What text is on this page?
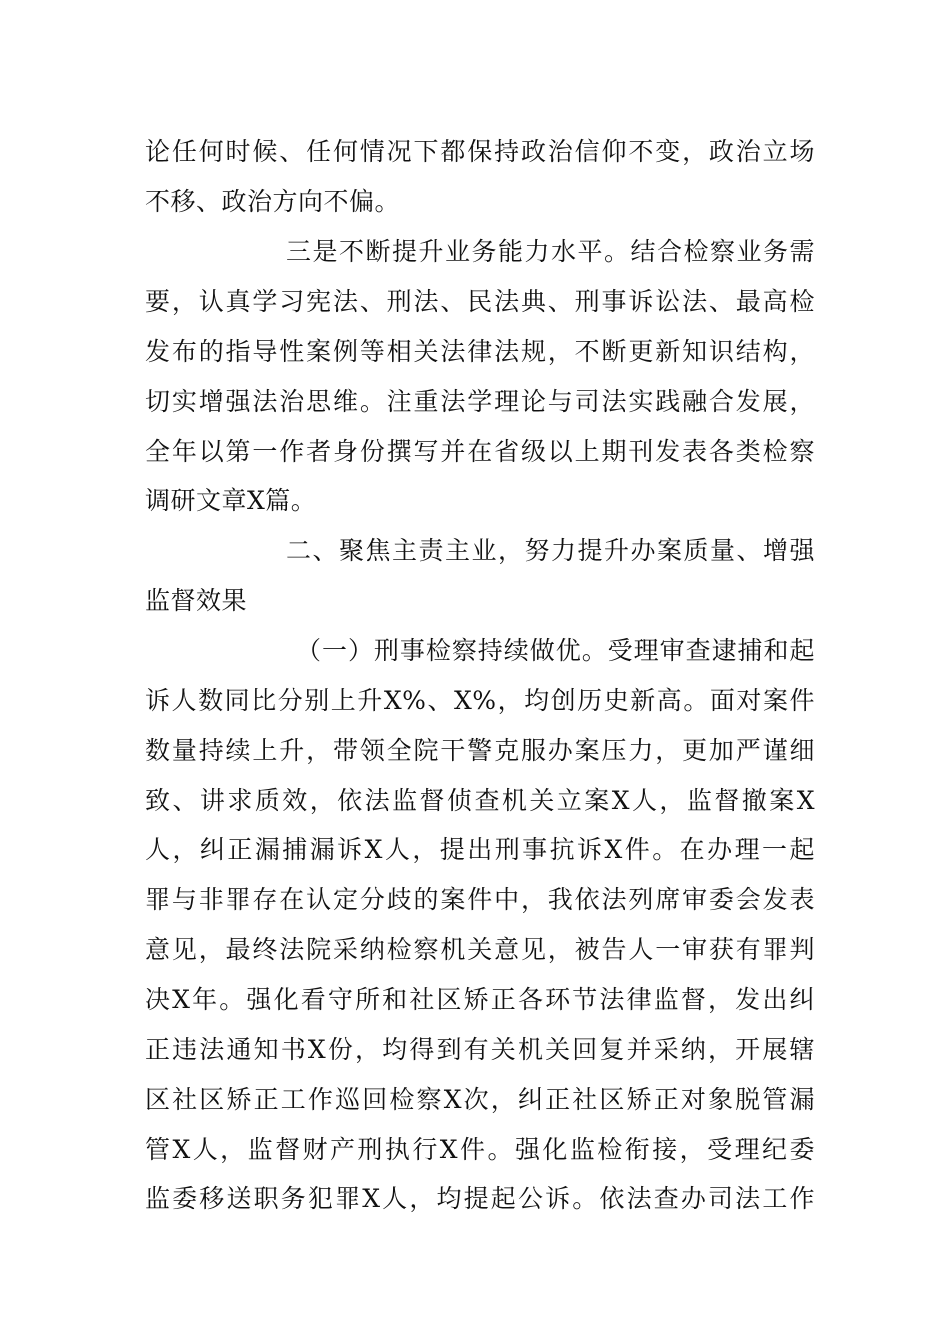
论任何时候、任何情况下都保持政治信仰不变，政治立场
不移、政治方向不偏。
三是不断提升业务能力水平。结合检察业务需
要，认真学习宪法、刑法、民法典、刑事诉讼法、最高检
发布的指导性案例等相关法律法规，不断更新知识结构，
切实增强法治思维。注重法学理论与司法实践融合发展，
全年以第一作者身份撰写并在省级以上期刊发表各类检察
调研文章X篇。
二、聚焦主责主业，努力提升办案质量、增强
监督效果
（一）刑事检察持续做优。受理审查逮捕和起
诉人数同比分别上升X%、X%，均创历史新高。面对案件
数量持续上升，带领全院干警克服办案压力，更加严谨细
致、讲求质效，依法监督侦查机关立案X人，监督撤案X
人，纠正漏捕漏诉X人，提出刑事抗诉X件。在办理一起
罪与非罪存在认定分歧的案件中，我依法列席审委会发表
意见，最终法院采纳检察机关意见，被告人一审获有罪判
决X年。强化看守所和社区矫正各环节法律监督，发出纠
正违法通知书X份，均得到有关机关回复并采纳，开展辖
区社区矫正工作巡回检察X次，纠正社区矫正对象脱管漏
管X人，监督财产刑执行X件。强化监检衔接，受理纪委
监委移送职务犯罪X人，均提起公诉。依法查办司法工作
